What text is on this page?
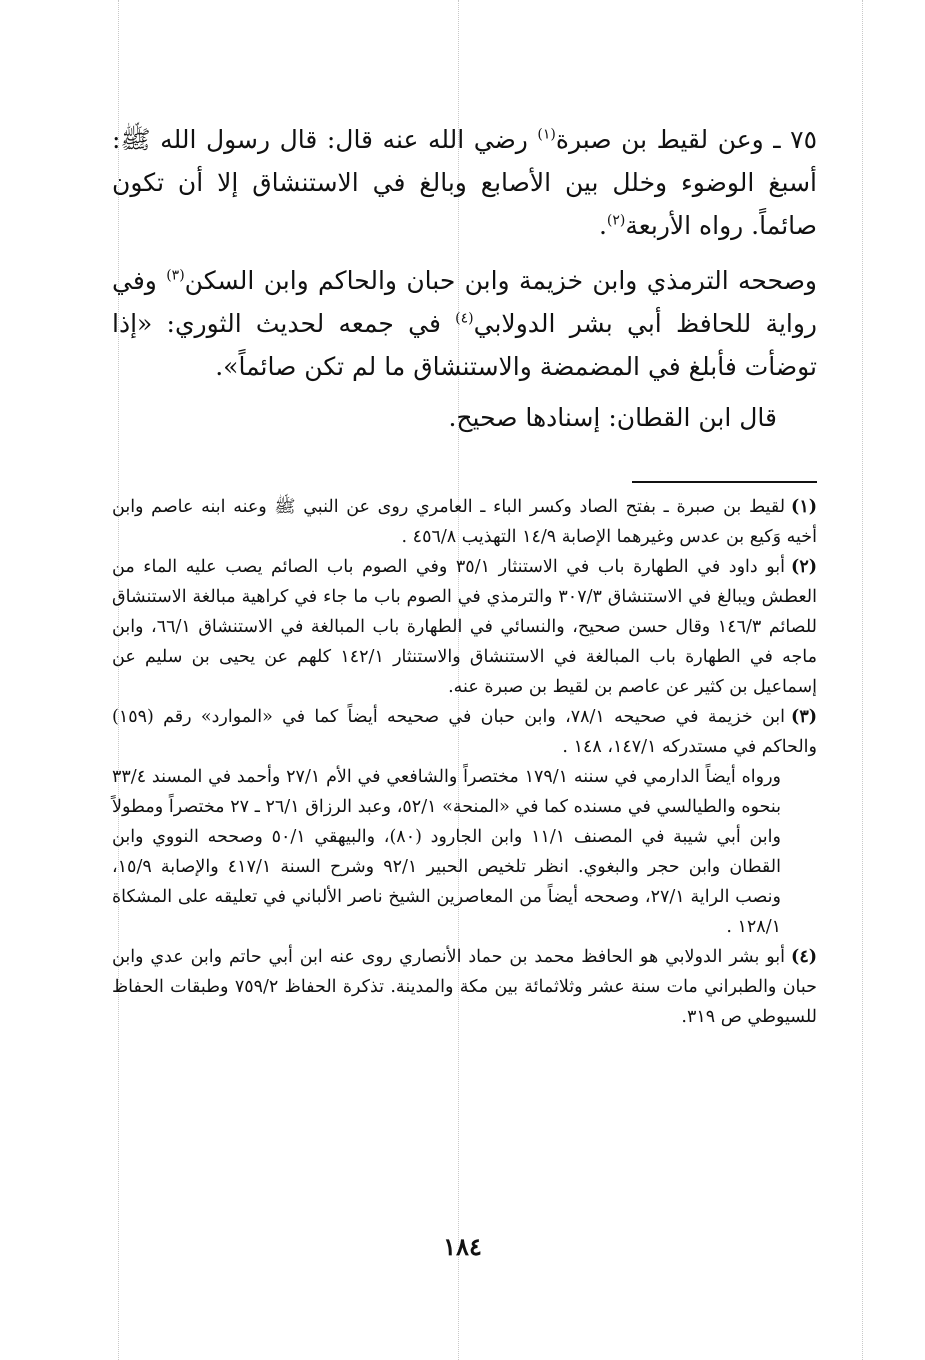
٧٥ ـ وعن لقيط بن صبرة$^{(١)}$ رضي الله عنه قال: قال رسول الله ﷺ: أسبغ الوضوء وخلل بين الأصابع وبالغ في الاستنشاق إلا أن تكون صائماً. رواه الأربعة$^{(٢)}$.

وصححه الترمذي وابن خزيمة وابن حبان والحاكم وابن السكن$^{(٣)}$ وفي رواية للحافظ أبي بشر الدولابي$^{(٤)}$ في جمعه لحديث الثوري: «إذا توضأت فأبلغ في المضمضة والاستنشاق ما لم تكن صائماً».

قال ابن القطان: إسنادها صحيح.

(١)لقيط بن صبرة ـ بفتح الصاد وكسر الباء ـ العامري روى عن النبي ﷺ وعنه ابنه عاصم وابن أخيه وَكيع بن عدس وغيرهما الإصابة ١٤/٩ التهذيب ٤٥٦/٨ .

(٢)أبو داود في الطهارة باب في الاستنثار ٣٥/١ وفي الصوم باب الصائم يصب عليه الماء من العطش ويبالغ في الاستنشاق ٣٠٧/٣ والترمذي في الصوم باب ما جاء في كراهية مبالغة الاستنشاق للصائم ١٤٦/٣ وقال حسن صحيح، والنسائي في الطهارة باب المبالغة في الاستنشاق ٦٦/١، وابن ماجه في الطهارة باب المبالغة في الاستنشاق والاستنثار ١٤٢/١ كلهم عن يحيى بن سليم عن إسماعيل بن كثير عن عاصم بن لقيط بن صبرة عنه.

(٣)ابن خزيمة في صحيحه ٧٨/١، وابن حبان في صحيحه أيضاً كما في «الموارد» رقم (١٥٩) والحاكم في مستدركه ١٤٧/١، ١٤٨ .
ورواه أيضاً الدارمي في سننه ١٧٩/١ مختصراً والشافعي في الأم ٢٧/١ وأحمد في المسند ٣٣/٤ بنحوه والطيالسي في مسنده كما في «المنحة» ٥٢/١، وعبد الرزاق ٢٦/١ ـ ٢٧ مختصراً ومطولاً وابن أبي شيبة في المصنف ١١/١ وابن الجارود (٨٠)، والبيهقي ٥٠/١ وصححه النووي وابن القطان وابن حجر والبغوي. انظر تلخيص الحبير ٩٢/١ وشرح السنة ٤١٧/١ والإصابة ١٥/٩، ونصب الراية ٢٧/١، وصححه أيضاً من المعاصرين الشيخ ناصر الألباني في تعليقه على المشكاة ١٢٨/١ .

(٤)أبو بشر الدولابي هو الحافظ محمد بن حماد الأنصاري روى عنه ابن أبي حاتم وابن عدي وابن حبان والطبراني مات سنة عشر وثلاثمائة بين مكة والمدينة. تذكرة الحفاظ ٧٥٩/٢ وطبقات الحفاظ للسيوطي ص ٣١٩.

١٨٤
